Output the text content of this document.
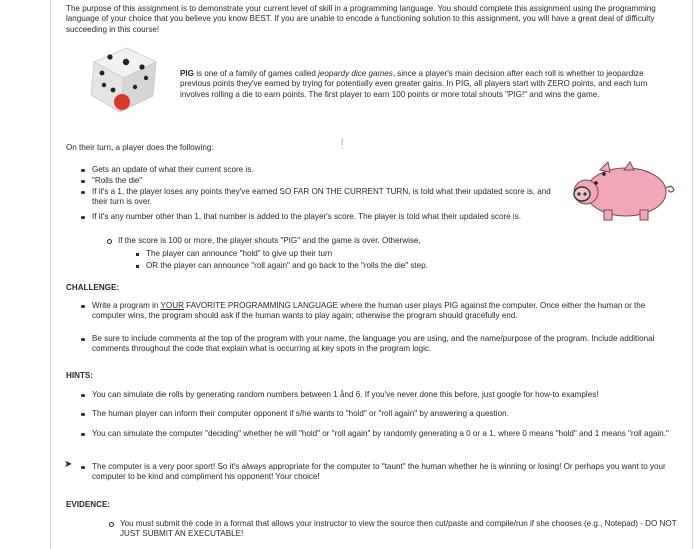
The purpose of this assignment is to demonstrate your current level of skill in a programming language. You should complete this assignment using the programming language of your choice that you believe you know BEST. If you are unable to encode a functioning solution to this assignment, you will have a great deal of difficulty succeeding in this course!

PIG is one of a family of games called jeopardy dice games, since a player's main decision after each roll is whether to jeopardize previous points they've earned by trying for potentially even greater gains. In PIG, all players start with ZERO points, and each turn involves rolling a die to earn points. The first player to earn 100 points or more total shouts "PIG!" and wins the game.

On their turn, a player does the following:	!

Gets an update of what their current score is.

"Rolls the die"

If it's a 1, the player loses any points they've earned SO FAR ON THE CURRENT TURN, is told what their updated score is, and their turn is over.

If it's any number other than 1, that number is added to the player's score. The player is told what their updated score is.

If the score is 100 or more, the player shouts "PIG" and the game is over. Otherwise,

The player can announce "hold" to give up their turn

OR the player can announce "roll again" and go back to the "rolls the die" step.

CHALLENGE:

Write a program in YOUR FAVORITE PROGRAMMING LANGUAGE where the human user plays PIG against the computer. Once either the human or the computer wins, the program should ask if the human wants to play again; otherwise the program should gracefully end.

Be sure to include comments at the top of the program with your name, the language you are using, and the name/purpose of the program. Include additional comments throughout the code that explain what is occurring at key spots in the program logic.

HINTS:

You can simulate die rolls by generating random numbers between 1 ånd 6. If you've never done this before, just google for how-to examples!

The human player can inform their computer opponent if s/he wants to "hold" or "roll again" by answering a question.

You can simulate the computer "deciding" whether he will "hold" or "roll again" by randomly generating a 0 or a 1, where 0 means "hold" and 1 means "roll again."

➤ The computer is a very poor sport! So it's always appropriate for the computer to "taunt" the human whether he is winning or losing! Or perhaps you want to your computer to be kind and compliment his opponent! Your choice!

EVIDENCE:

You must submit thė code in a format that allows your instructor to view the source then cut/paste and compile/run if she chooses (e.g., Notepad) - DO NOT JUST SUBMIT AN EXECUTABLE!
